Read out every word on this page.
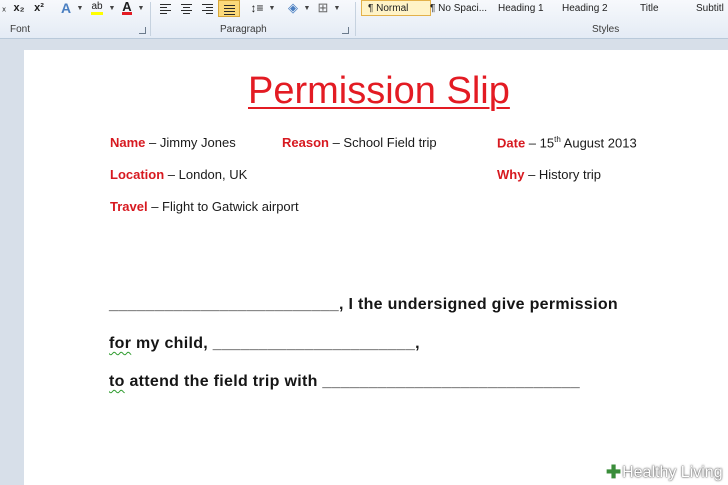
ₓ x₂ x² A ▼ ab ▼ A ▼
Font
↕≡ ▼ ◈ ▼ ⊞ ▼
Paragraph
¶ Normal	¶ No Spaci...	Heading 1	Heading 2	Title	Subtitl
Styles
Permission Slip
Name – Jimmy Jones	Reason – School Field trip	Date – 15th August 2013
Location – London, UK	Why – History trip
Travel – Flight to Gatwick airport
_________________________, I the undersigned give permission
for my child, ______________________,
to attend the field trip with ____________________________
✚ Healthy Living
